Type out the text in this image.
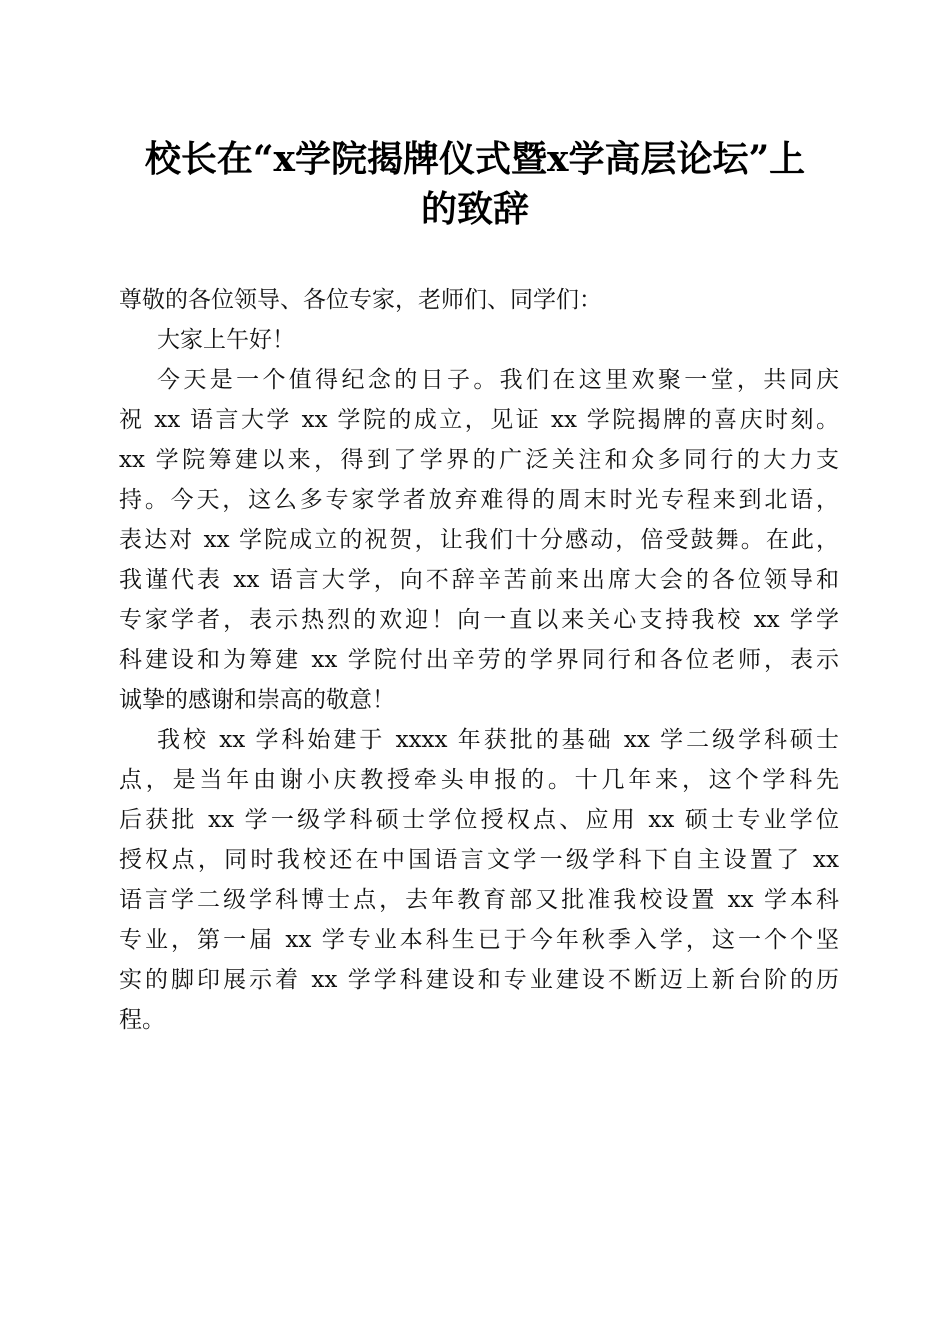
校长在“x学院揭牌仪式暨x学高层论坛”上
的致辞
尊敬的各位领导、各位专家，老师们、同学们：
大家上午好！
今天是一个值得纪念的日子。我们在这里欢聚一堂，共同庆
祝 xx 语言大学 xx 学院的成立，见证 xx 学院揭牌的喜庆时刻。
xx 学院筹建以来，得到了学界的广泛关注和众多同行的大力支
持。今天，这么多专家学者放弃难得的周末时光专程来到北语，
表达对 xx 学院成立的祝贺，让我们十分感动，倍受鼓舞。在此，
我谨代表 xx 语言大学，向不辞辛苦前来出席大会的各位领导和
专家学者，表示热烈的欢迎！向一直以来关心支持我校 xx 学学
科建设和为筹建 xx 学院付出辛劳的学界同行和各位老师，表示
诚挚的感谢和崇高的敬意！
我校 xx 学科始建于 xxxx 年获批的基础 xx 学二级学科硕士
点，是当年由谢小庆教授牵头申报的。十几年来，这个学科先
后获批 xx 学一级学科硕士学位授权点、应用 xx 硕士专业学位
授权点，同时我校还在中国语言文学一级学科下自主设置了 xx
语言学二级学科博士点，去年教育部又批准我校设置 xx 学本科
专业，第一届 xx 学专业本科生已于今年秋季入学，这一个个坚
实的脚印展示着 xx 学学科建设和专业建设不断迈上新台阶的历
程。
